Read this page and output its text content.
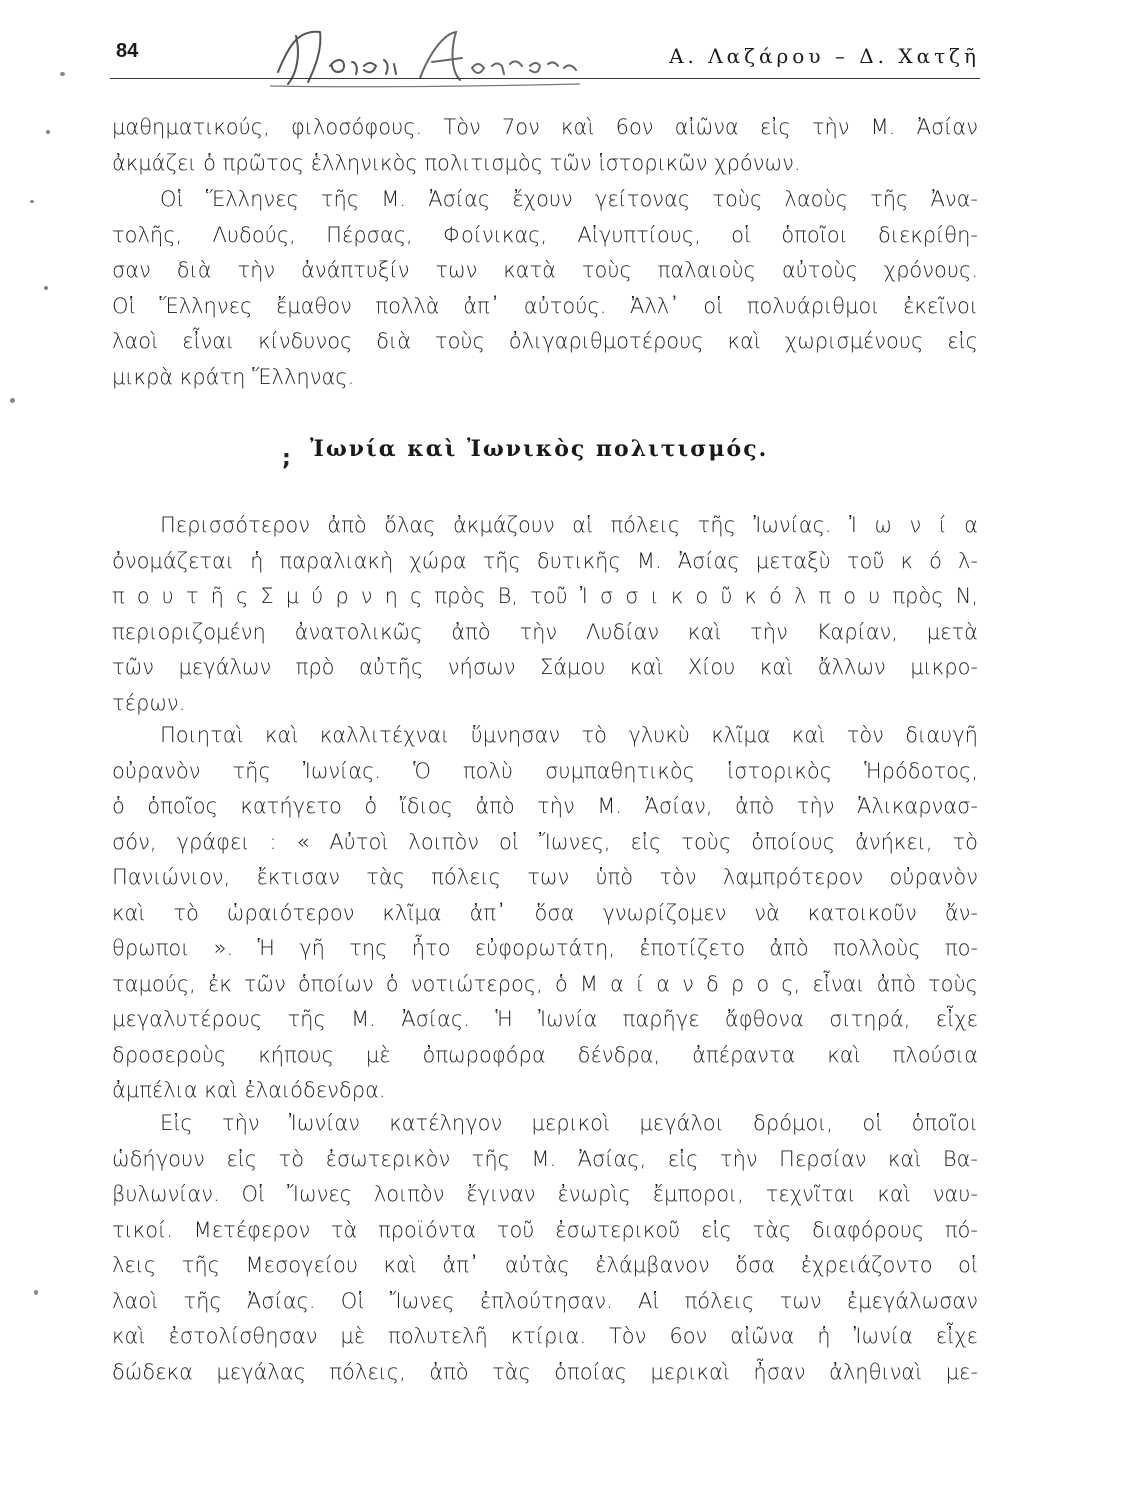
84	Α. Λαζάρου – Δ. Χατζῆ
μαθηματικούς, φιλοσόφους. Τὸν 7ον καὶ 6ον αἰῶνα εἰς τὴν Μ. Ἀσίαν
ἀκμάζει ὁ πρῶτος ἑλληνικὸς πολιτισμὸς τῶν ἱστορικῶν χρόνων.
Οἱ Ἕλληνες τῆς Μ. Ἀσίας ἔχουν γείτονας τοὺς λαοὺς τῆς Ἀνα-
τολῆς, Λυδούς, Πέρσας, Φοίνικας, Αἰγυπτίους, οἱ ὁποῖοι διεκρίθη-
σαν διὰ τὴν ἀνάπτυξίν των κατὰ τοὺς παλαιοὺς αὐτοὺς χρόνους.
Οἱ Ἕλληνες ἔμαθον πολλὰ ἀπ᾿ αὐτούς. Ἀλλ᾿ οἱ πολυάριθμοι ἐκεῖνοι
λαοὶ εἶναι κίνδυνος διὰ τοὺς ὀλιγαριθμοτέρους καὶ χωρισμένους εἰς
μικρὰ κράτη Ἕλληνας.
; Ἰωνία καὶ Ἰωνικὸς πολιτισμός.
Περισσότερον ἀπὸ ὅλας ἀκμάζουν αἱ πόλεις τῆς Ἰωνίας. Ἰ ω ν ί α
ὀνομάζεται ἡ παραλιακὴ χώρα τῆς δυτικῆς Μ. Ἀσίας μεταξὺ τοῦ κ ό λ-
π ο υ τ ῆ ς Σ μ ύ ρ ν η ς πρὸς Β, τοῦ Ἰ σ σ ι κ ο ῦ κ ό λ π ο υ πρὸς Ν,
περιοριζομένη ἀνατολικῶς ἀπὸ τὴν Λυδίαν καὶ τὴν Καρίαν, μετὰ
τῶν μεγάλων πρὸ αὐτῆς νήσων Σάμου καὶ Χίου καὶ ἄλλων μικρο-
τέρων.
Ποιηταὶ καὶ καλλιτέχναι ὕμνησαν τὸ γλυκὺ κλῖμα καὶ τὸν διαυγῆ
οὐρανὸν τῆς Ἰωνίας. Ὁ πολὺ συμπαθητικὸς ἱστορικὸς Ἡρόδοτος,
ὁ ὁποῖος κατήγετο ὁ ἴδιος ἀπὸ τὴν Μ. Ἀσίαν, ἀπὸ τὴν Ἁλικαρνασ-
σόν, γράφει : « Αὐτοὶ λοιπὸν οἱ Ἴωνες, εἰς τοὺς ὁποίους ἀνήκει, τὸ
Πανιώνιον, ἔκτισαν τὰς πόλεις των ὑπὸ τὸν λαμπρότερον οὐρανὸν
καὶ τὸ ὡραιότερον κλῖμα ἀπ᾿ ὅσα γνωρίζομεν νὰ κατοικοῦν ἄν-
θρωποι ». Ἡ γῆ της ἦτο εὐφορωτάτη, ἐποτίζετο ἀπὸ πολλοὺς πο-
ταμούς, ἐκ τῶν ὁποίων ὁ νοτιώτερος, ὁ Μ α ί α ν δ ρ ο ς, εἶναι ἀπὸ τοὺς
μεγαλυτέρους τῆς Μ. Ἀσίας. Ἡ Ἰωνία παρῆγε ἄφθονα σιτηρά, εἶχε
δροσεροὺς κήπους μὲ ὀπωροφόρα δένδρα, ἀπέραντα καὶ πλούσια
ἀμπέλια καὶ ἐλαιόδενδρα.
Εἰς τὴν Ἰωνίαν κατέληγον μερικοὶ μεγάλοι δρόμοι, οἱ ὁποῖοι
ὡδήγουν εἰς τὸ ἐσωτερικὸν τῆς Μ. Ἀσίας, εἰς τὴν Περσίαν καὶ Βα-
βυλωνίαν. Οἱ Ἴωνες λοιπὸν ἔγιναν ἐνωρὶς ἔμποροι, τεχνῖται καὶ ναυ-
τικοί. Μετέφερον τὰ προϊόντα τοῦ ἐσωτερικοῦ εἰς τὰς διαφόρους πό-
λεις τῆς Μεσογείου καὶ ἀπ᾿ αὐτὰς ἐλάμβανον ὅσα ἐχρειάζοντο οἱ
λαοὶ τῆς Ἀσίας. Οἱ Ἴωνες ἐπλούτησαν. Αἱ πόλεις των ἐμεγάλωσαν
καὶ ἐστολίσθησαν μὲ πολυτελῆ κτίρια. Τὸν 6ον αἰῶνα ἡ Ἰωνία εἶχε
δώδεκα μεγάλας πόλεις, ἀπὸ τὰς ὁποίας μερικαὶ ἦσαν ἀληθιναὶ με-
